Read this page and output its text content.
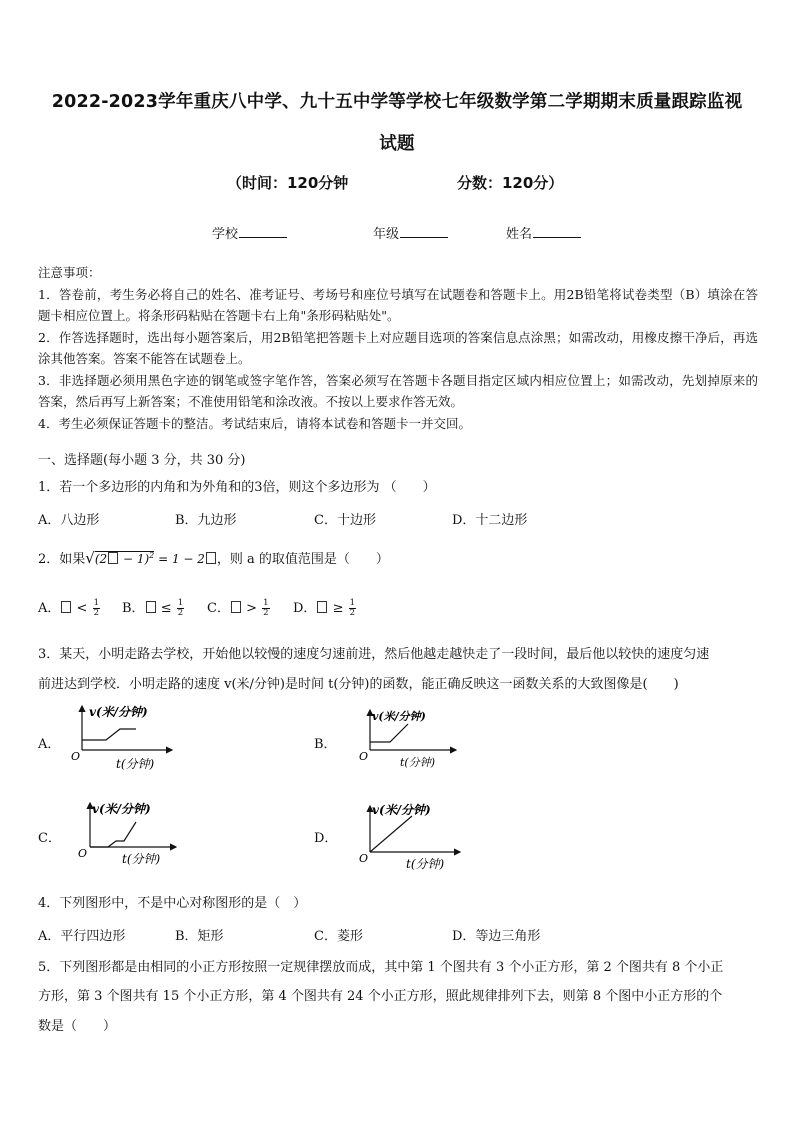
2022-2023学年重庆八中学、九十五中学等学校七年级数学第二学期期末质量跟踪监视
试题
（时间：120分钟	分数：120分）
学校	年级	姓名

注意事项：

1．答卷前，考生务必将自己的姓名、准考证号、考场号和座位号填写在试题卷和答题卡上。用2B铅笔将试卷类型（B）填涂在答题卡相应位置上。将条形码粘贴在答题卡右上角"条形码粘贴处"。

2．作答选择题时，选出每小题答案后，用2B铅笔把答题卡上对应题目选项的答案信息点涂黑；如需改动，用橡皮擦干净后，再选涂其他答案。答案不能答在试题卷上。

3．非选择题必须用黑色字迹的钢笔或签字笔作答，答案必须写在答题卡各题目指定区域内相应位置上；如需改动，先划掉原来的答案，然后再写上新答案；不准使用铅笔和涂改液。不按以上要求作答无效。

4．考生必须保证答题卡的整洁。考试结束后，请将本试卷和答题卡一并交回。

一、选择题(每小题 3 分，共 30 分)
1．若一个多边形的内角和为外角和的3倍，则这个多边形为 （　　）
A．八边形	B．九边形	C．十边形	D．十二边形
2．如果$√(2 - 1)^2 = 1 - 2$ ，则 a 的取值范围是（　　）
A． < $\frac{1}{2}$ B． ≤ $\frac{1}{2}$ C． > $\frac{1}{2}$ D． ≥ $\frac{1}{2}$
3．某天，小明走路去学校，开始他以较慢的速度匀速前进，然后他越走越快走了一段时间，最后他以较快的速度匀速
前进达到学校．小明走路的速度 v(米/分钟)是时间 t(分钟)的函数，能正确反映这一函数关系的大致图像是(　　)
A．	B．
C．	D．
v(米/分钟)
O
t(分钟)
v(米/分钟)
O	t(分钟)
v(米/分钟)
O	t(分钟)
v(米/分钟)
O	t(分钟)
4．下列图形中，不是中心对称图形的是（　）
A．平行四边形	B．矩形	C．菱形	D．等边三角形
5．下列图形都是由相同的小正方形按照一定规律摆放而成，其中第 1 个图共有 3 个小正方形，第 2 个图共有 8 个小正
方形，第 3 个图共有 15 个小正方形，第 4 个图共有 24 个小正方形，照此规律排列下去，则第 8 个图中小正方形的个
数是（　　）
